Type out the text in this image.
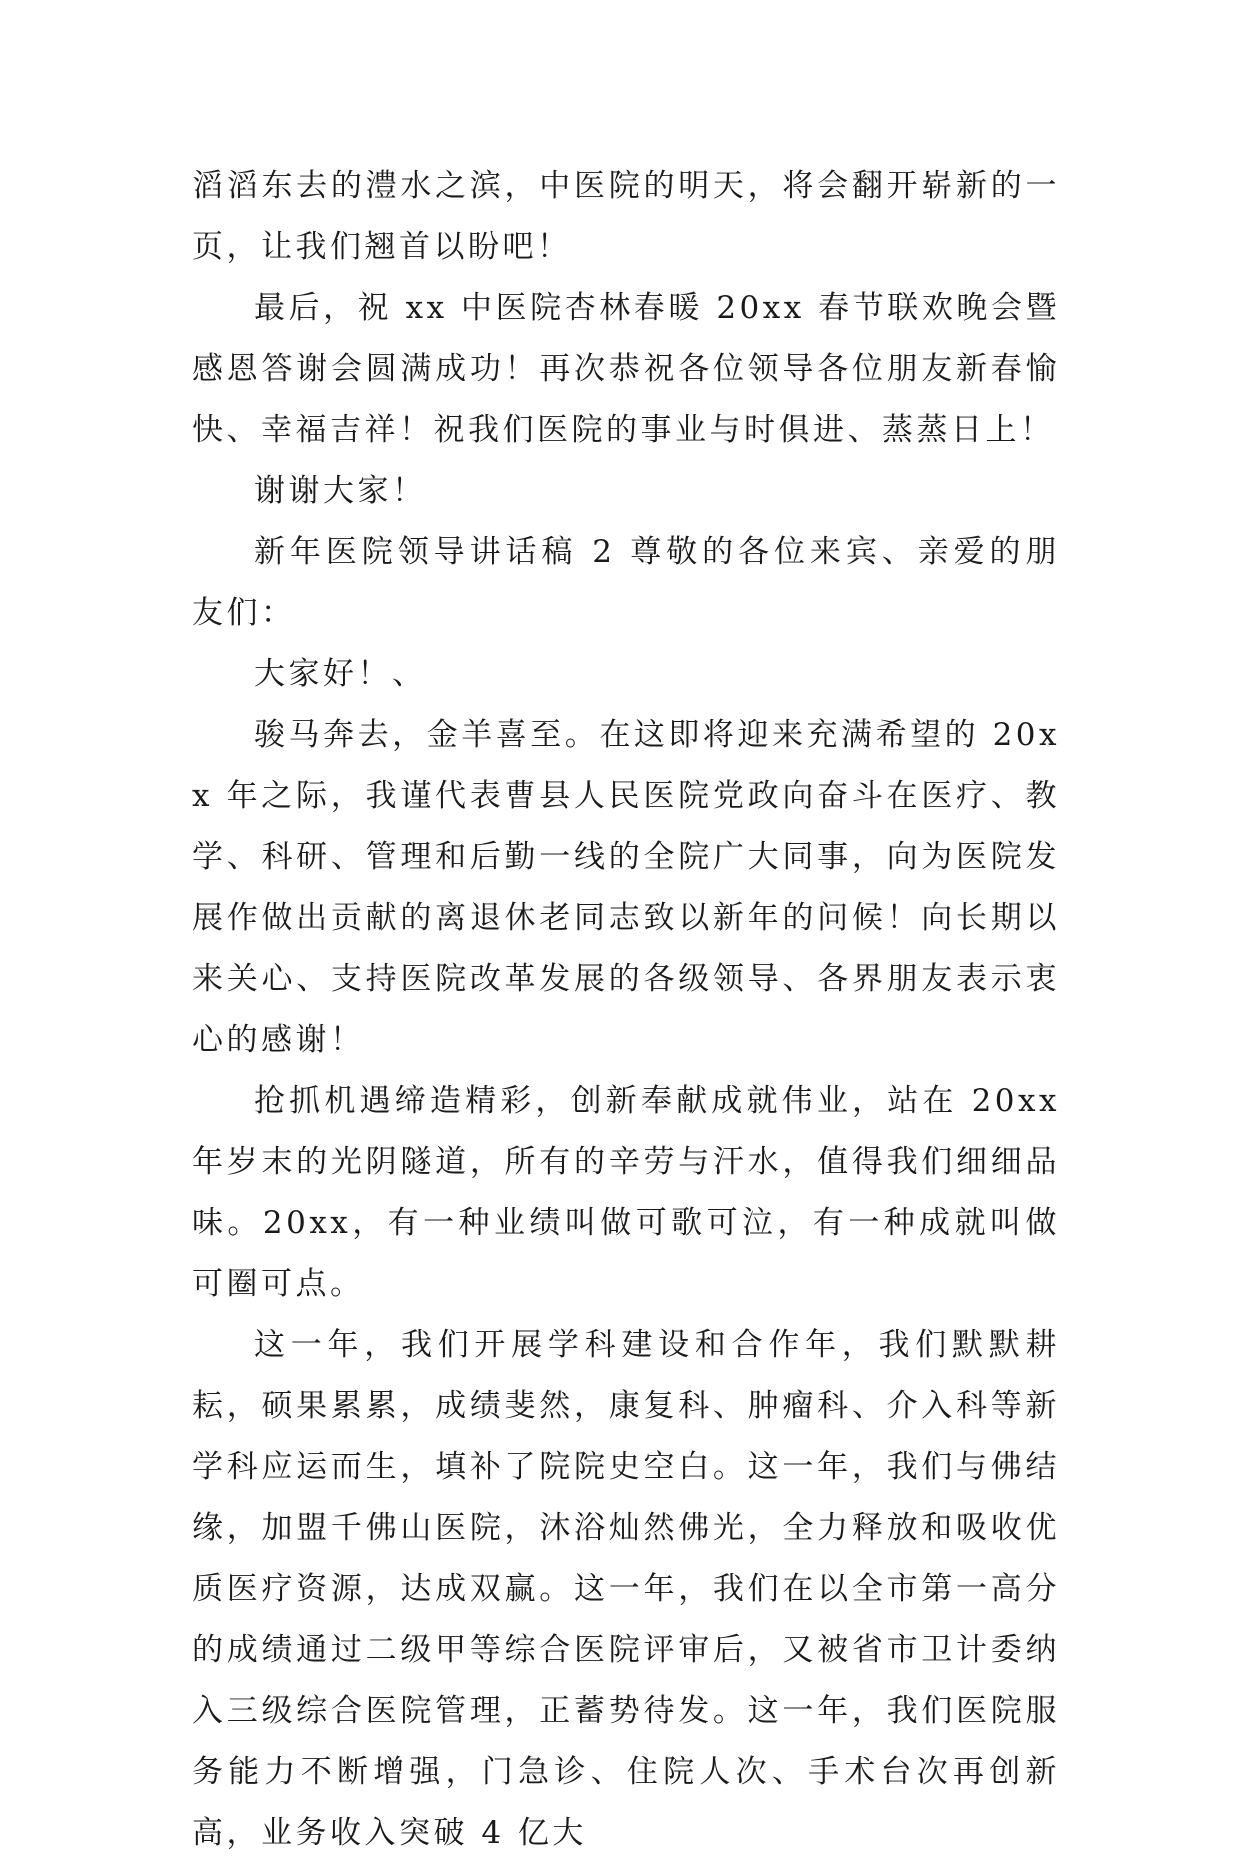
滔滔东去的澧水之滨，中医院的明天，将会翻开崭新的一页，让我们翘首以盼吧！

最后，祝 xx 中医院杏林春暖 20xx 春节联欢晚会暨感恩答谢会圆满成功！再次恭祝各位领导各位朋友新春愉快、幸福吉祥！祝我们医院的事业与时俱进、蒸蒸日上！

谢谢大家！

新年医院领导讲话稿 2 尊敬的各位来宾、亲爱的朋友们：

大家好！、

骏马奔去，金羊喜至。在这即将迎来充满希望的 20xx 年之际，我谨代表曹县人民医院党政向奋斗在医疗、教学、科研、管理和后勤一线的全院广大同事，向为医院发展作做出贡献的离退休老同志致以新年的问候！向长期以来关心、支持医院改革发展的各级领导、各界朋友表示衷心的感谢！

抢抓机遇缔造精彩，创新奉献成就伟业，站在 20xx 年岁末的光阴隧道，所有的辛劳与汗水，值得我们细细品味。20xx，有一种业绩叫做可歌可泣，有一种成就叫做可圈可点。

这一年，我们开展学科建设和合作年，我们默默耕耘，硕果累累，成绩斐然，康复科、肿瘤科、介入科等新学科应运而生，填补了院院史空白。这一年，我们与佛结缘，加盟千佛山医院，沐浴灿然佛光，全力释放和吸收优质医疗资源，达成双赢。这一年，我们在以全市第一高分的成绩通过二级甲等综合医院评审后，又被省市卫计委纳入三级综合医院管理，正蓄势待发。这一年，我们医院服务能力不断增强，门急诊、住院人次、手术台次再创新高，业务收入突破 4 亿大
